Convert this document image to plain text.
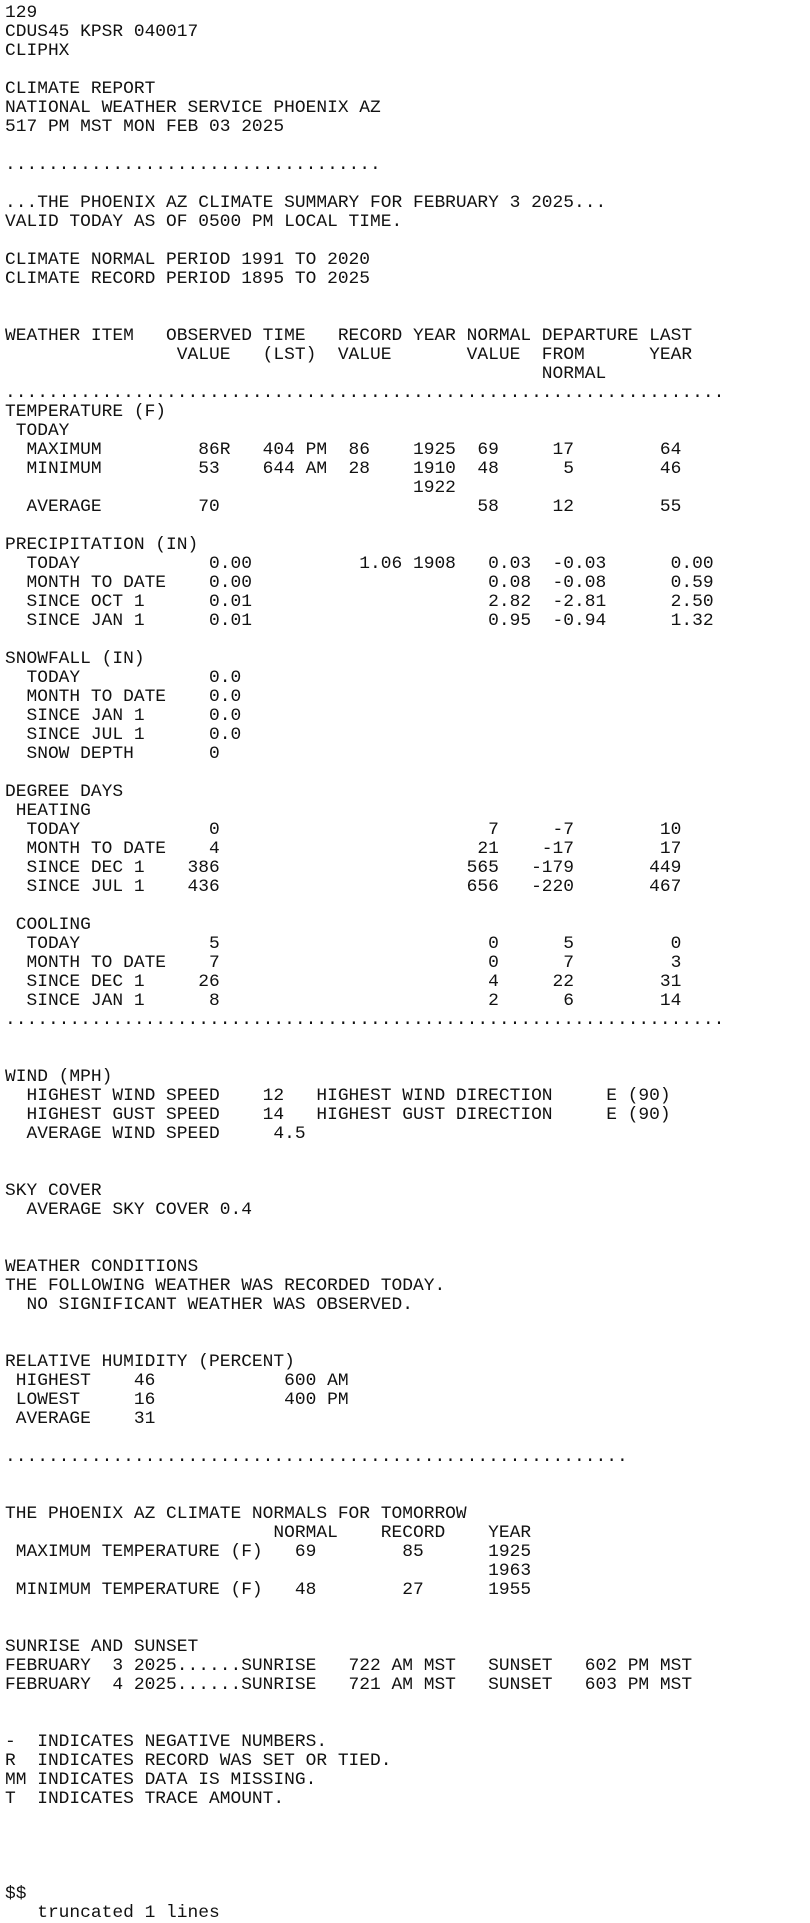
129
CDUS45 KPSR 040017
CLIPHX
CLIMATE REPORT
NATIONAL WEATHER SERVICE PHOENIX AZ
517 PM MST MON FEB 03 2025
...................................
...THE PHOENIX AZ CLIMATE SUMMARY FOR FEBRUARY 3 2025...
VALID TODAY AS OF 0500 PM LOCAL TIME.
CLIMATE NORMAL PERIOD 1991 TO 2020
CLIMATE RECORD PERIOD 1895 TO 2025
WEATHER ITEM   OBSERVED TIME   RECORD YEAR NORMAL DEPARTURE LAST
VALUE   (LST)  VALUE       VALUE  FROM      YEAR
NORMAL
...................................................................
TEMPERATURE (F)
TODAY
MAXIMUM         86R   404 PM  86    1925  69     17        64
MINIMUM         53    644 AM  28    1910  48      5        46
1922
AVERAGE         70                        58     12        55
PRECIPITATION (IN)
TODAY            0.00          1.06 1908   0.03  -0.03      0.00
MONTH TO DATE    0.00                      0.08  -0.08      0.59
SINCE OCT 1      0.01                      2.82  -2.81      2.50
SINCE JAN 1      0.01                      0.95  -0.94      1.32
SNOWFALL (IN)
TODAY            0.0
MONTH TO DATE    0.0
SINCE JAN 1      0.0
SINCE JUL 1      0.0
SNOW DEPTH       0
DEGREE DAYS
HEATING
TODAY            0                         7     -7        10
MONTH TO DATE    4                        21    -17        17
SINCE DEC 1    386                       565   -179       449
SINCE JUL 1    436                       656   -220       467
COOLING
TODAY            5                         0      5         0
MONTH TO DATE    7                         0      7         3
SINCE DEC 1     26                         4     22        31
SINCE JAN 1      8                         2      6        14
...................................................................
WIND (MPH)
HIGHEST WIND SPEED    12   HIGHEST WIND DIRECTION     E (90)
HIGHEST GUST SPEED    14   HIGHEST GUST DIRECTION     E (90)
AVERAGE WIND SPEED     4.5
SKY COVER
AVERAGE SKY COVER 0.4
WEATHER CONDITIONS
THE FOLLOWING WEATHER WAS RECORDED TODAY.
NO SIGNIFICANT WEATHER WAS OBSERVED.
RELATIVE HUMIDITY (PERCENT)
HIGHEST    46            600 AM
LOWEST     16            400 PM
AVERAGE    31
..........................................................
THE PHOENIX AZ CLIMATE NORMALS FOR TOMORROW
NORMAL    RECORD    YEAR
MAXIMUM TEMPERATURE (F)   69        85      1925
1963
MINIMUM TEMPERATURE (F)   48        27      1955
SUNRISE AND SUNSET
FEBRUARY  3 2025......SUNRISE   722 AM MST   SUNSET   602 PM MST
FEBRUARY  4 2025......SUNRISE   721 AM MST   SUNSET   603 PM MST
-  INDICATES NEGATIVE NUMBERS.
R  INDICATES RECORD WAS SET OR TIED.
MM INDICATES DATA IS MISSING.
T  INDICATES TRACE AMOUNT.
$$
truncated 1 lines
